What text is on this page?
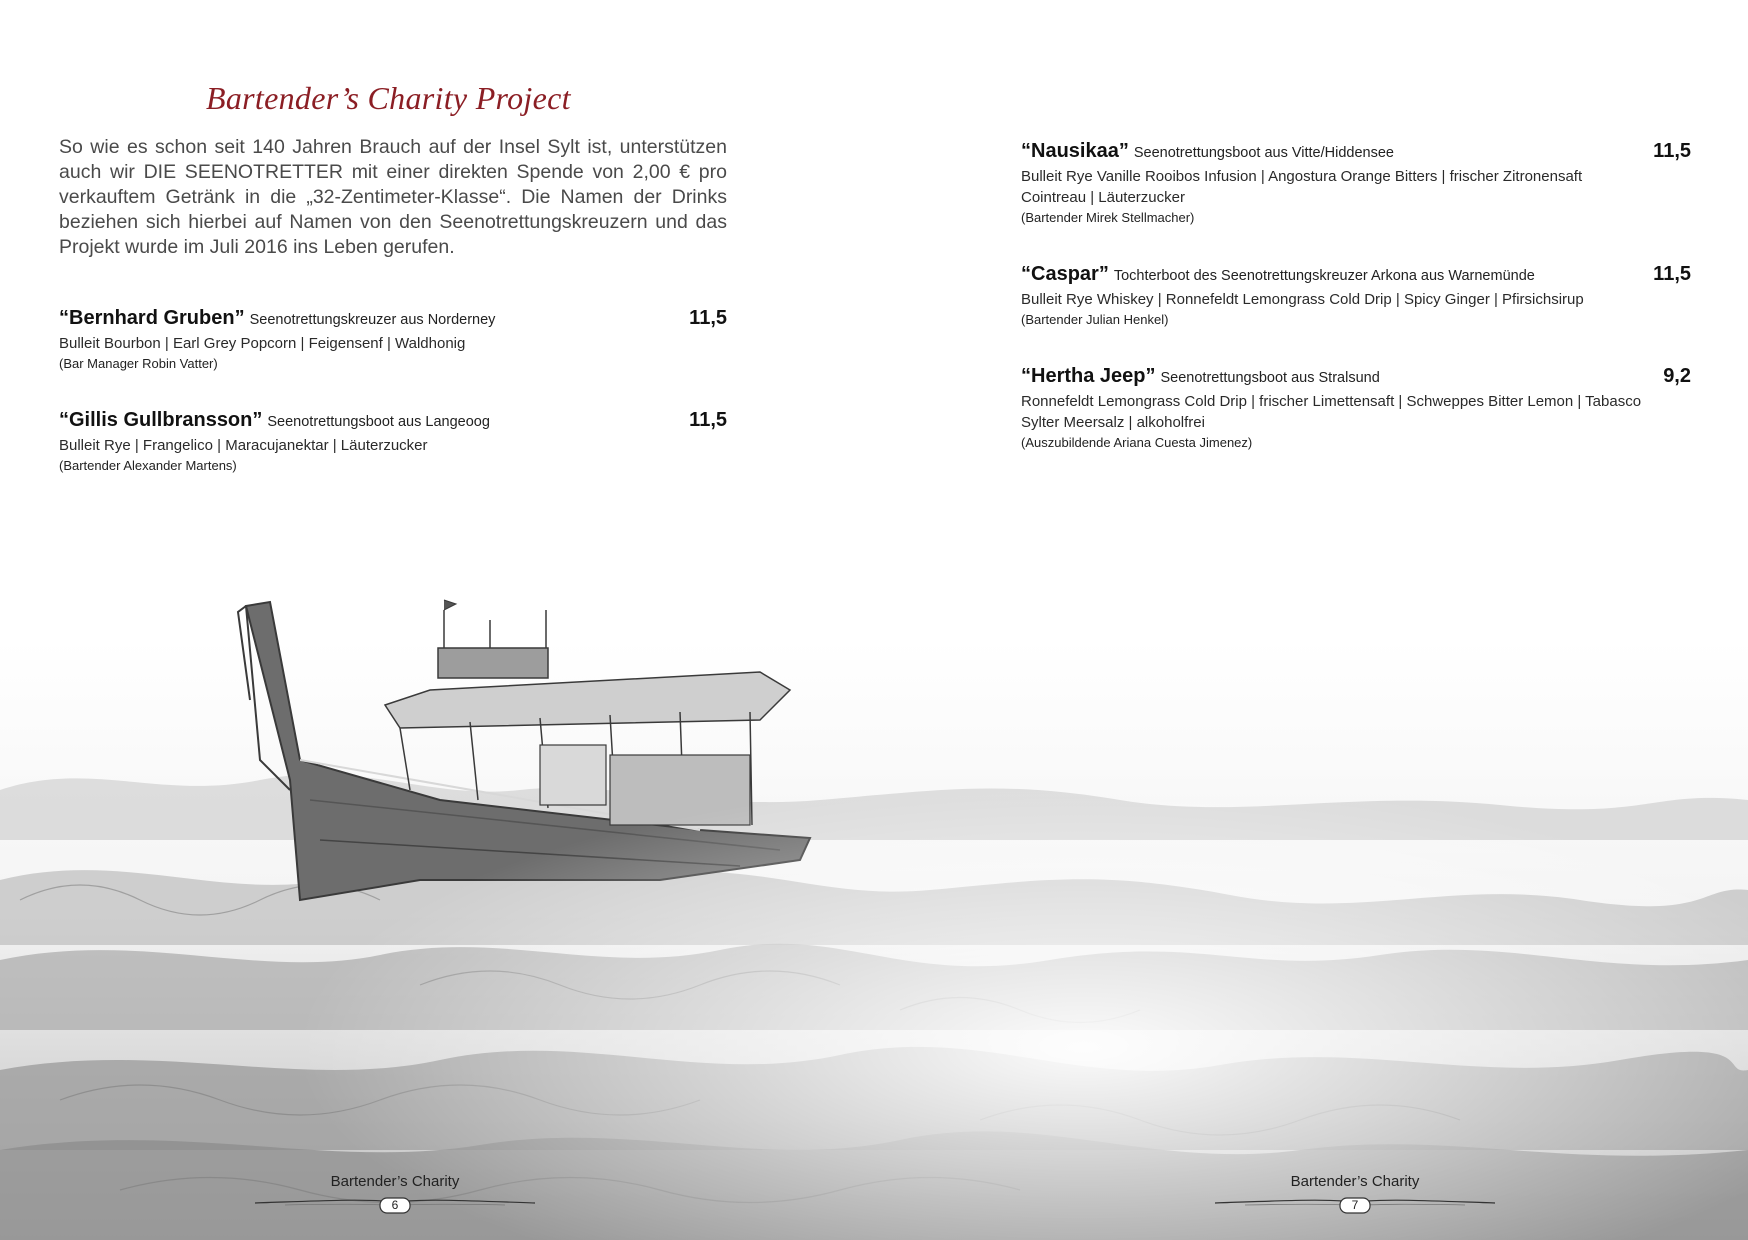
Bartender’s Charity Project

So wie es schon seit 140 Jahren Brauch auf der Insel Sylt ist, unterstützen auch wir DIE SEENOTRETTER mit einer direkten Spende von 2,00 € pro verkauftem Getränk in die „32-Zentimeter-Klasse“. Die Namen der Drinks beziehen sich hierbei auf Namen von den Seenotrettungskreuzern und das Projekt wurde im Juli 2016 ins Leben gerufen.

“Bernhard Gruben” Seenotrettungskreuzer aus Norderney	11,5
Bulleit Bourbon | Earl Grey Popcorn | Feigensenf | Waldhonig
(Bar Manager Robin Vatter)
“Gillis Gullbransson” Seenotrettungsboot aus Langeoog	11,5
Bulleit Rye | Frangelico | Maracujanektar | Läuterzucker
(Bartender Alexander Martens)
“Nausikaa” Seenotrettungsboot aus Vitte/Hiddensee	11,5
Bulleit Rye Vanille Rooibos Infusion | Angostura Orange Bitters | frischer Zitronensaft
Cointreau | Läuterzucker
(Bartender Mirek Stellmacher)
“Caspar” Tochterboot des Seenotrettungskreuzer Arkona aus Warnemünde	11,5
Bulleit Rye Whiskey | Ronnefeldt Lemongrass Cold Drip | Spicy Ginger | Pfirsichsirup
(Bartender Julian Henkel)
“Hertha Jeep” Seenotrettungsboot aus Stralsund	9,2
Ronnefeldt Lemongrass Cold Drip | frischer Limettensaft | Schweppes Bitter Lemon | Tabasco
Sylter Meersalz | alkoholfrei
(Auszubildende Ariana Cuesta Jimenez)
Bartender’s Charity
6
Bartender’s Charity
7
